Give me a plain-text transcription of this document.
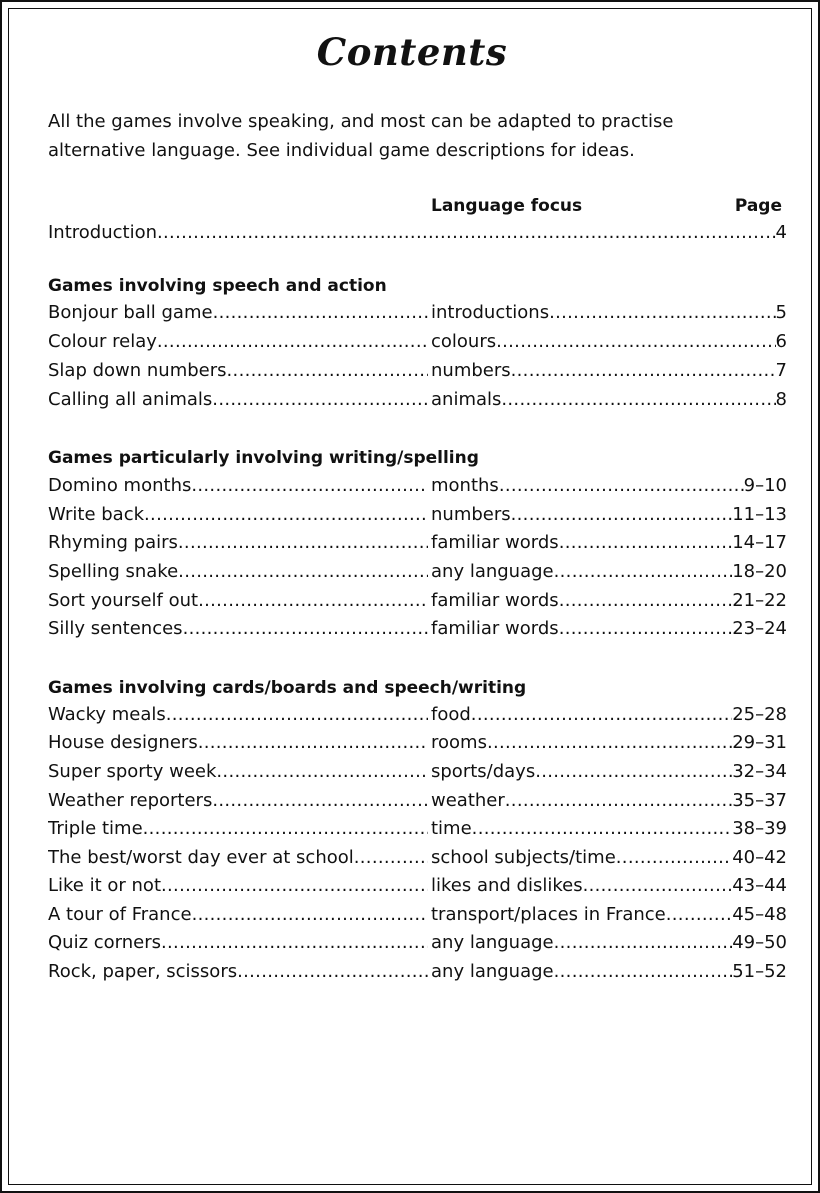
Contents
All the games involve speaking, and most can be adapted to practise
alternative language. See individual game descriptions for ideas.
Language focus	Page
Introduction .....	4
Games involving speech and action
Bonjour ball game .....	introductions .....	5
Colour relay .....	colours .....	6
Slap down numbers .....	numbers .....	7
Calling all animals .....	animals .....	8
Games particularly involving writing/spelling
Domino months .....	months .....	9–10
Write back .....	numbers .....	11–13
Rhyming pairs .....	familiar words .....	14–17
Spelling snake .....	any language .....	18–20
Sort yourself out .....	familiar words .....	21–22
Silly sentences .....	familiar words .....	23–24
Games involving cards/boards and speech/writing
Wacky meals .....	food .....	25–28
House designers .....	rooms .....	29–31
Super sporty week .....	sports/days .....	32–34
Weather reporters .....	weather .....	35–37
Triple time .....	time .....	38–39
The best/worst day ever at school .....	school subjects/time .....	40–42
Like it or not .....	likes and dislikes .....	43–44
A tour of France .....	transport/places in France .....	45–48
Quiz corners .....	any language .....	49–50
Rock, paper, scissors .....	any language .....	51–52
